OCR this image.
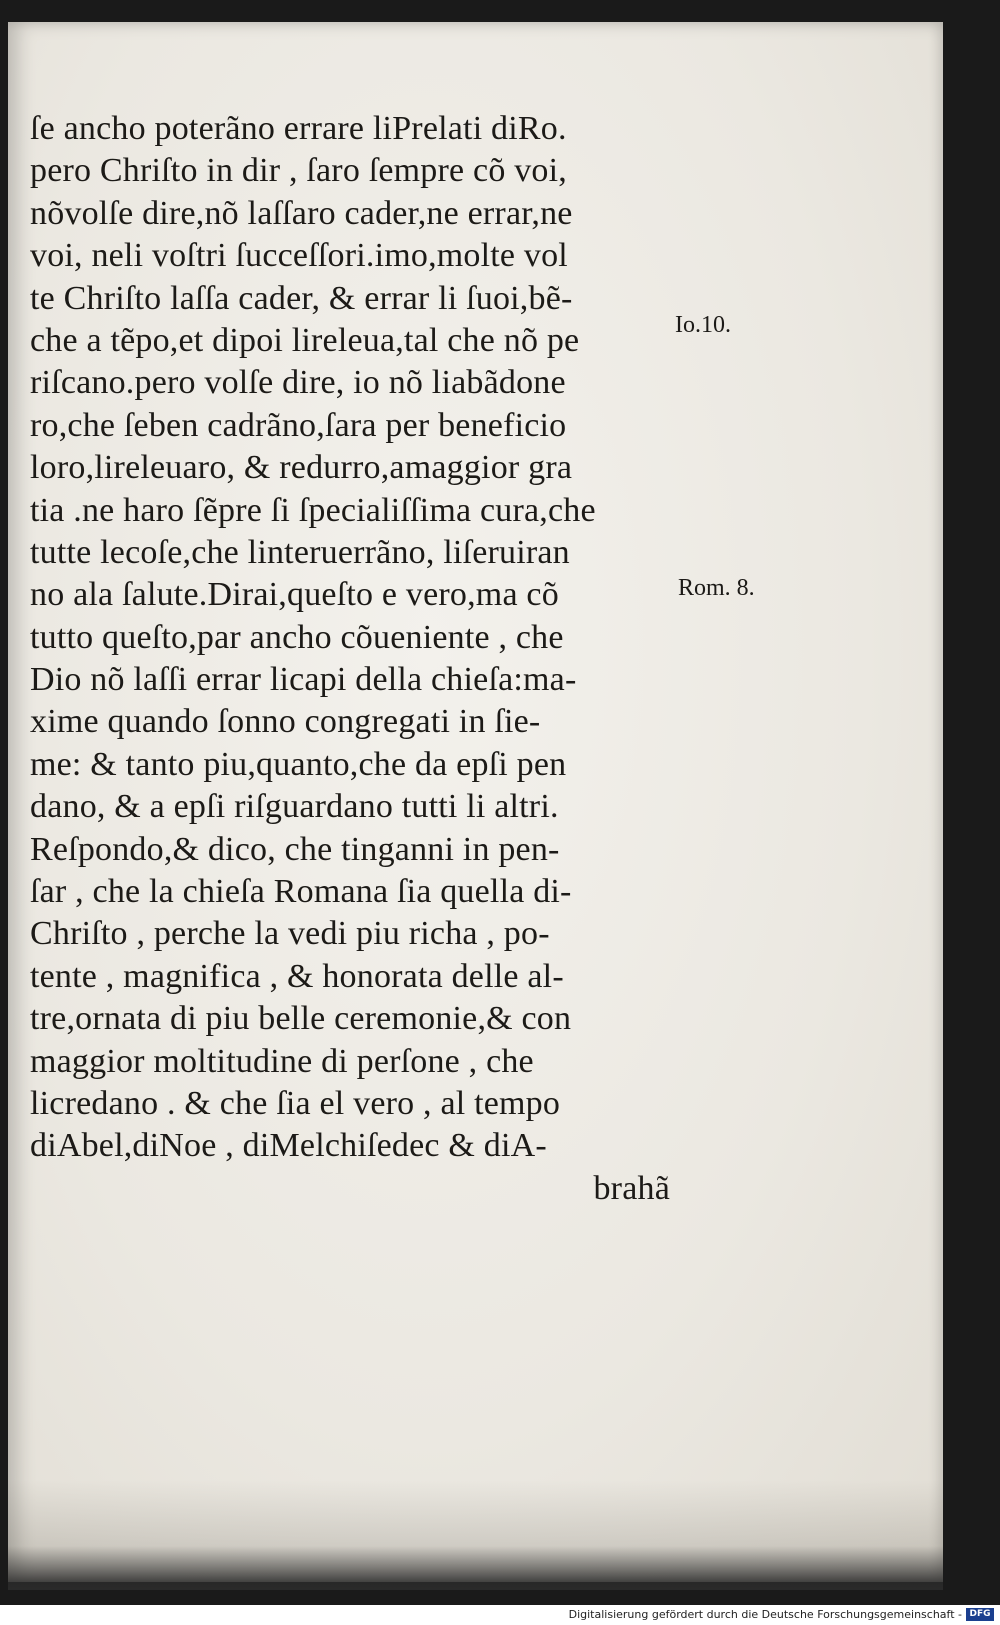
ſe ancho poterãno errare liPrelati diRo.
pero Chriſto in dir , ſaro ſempre cõ voi,
nõvolſe dire,nõ laſſaro cader,ne errar,ne
voi, neli voſtri ſucceſſori.imo,molte vol
te Chriſto laſſa cader, & errar li ſuoi,bẽ-
che a tẽpo,et dipoi lireleua,tal che nõ pe
riſcano.pero volſe dire, io nõ liabãdone
ro,che ſeben cadrãno,ſara per beneficio
loro,lireleuaro, & redurro,amaggior gra
tia .ne haro ſẽpre ſi ſpecialiſſima cura,che
tutte lecoſe,che linteruerrãno, liſeruiran
no ala ſalute.Dirai,queſto e vero,ma cõ
tutto queſto,par ancho cõueniente , che
Dio nõ laſſi errar licapi della chieſa:ma-
xime quando ſonno congregati in ſie-
me: & tanto piu,quanto,che da epſi pen
dano, & a epſi riſguardano tutti li altri.
Reſpondo,& dico, che tinganni in pen-
ſar , che la chieſa Romana ſia quella di-
Chriſto , perche la vedi piu richa , po-
tente , magnifica , & honorata delle al-
tre,ornata di piu belle ceremonie,& con
maggior moltitudine di perſone , che
licredano . & che ſia el vero , al tempo
diAbel,diNoe , diMelchiſedec & diA-
brahã
Io.10.
Rom. 8.
Digitalisierung gefördert durch die Deutsche Forschungsgemeinschaft - DFG
